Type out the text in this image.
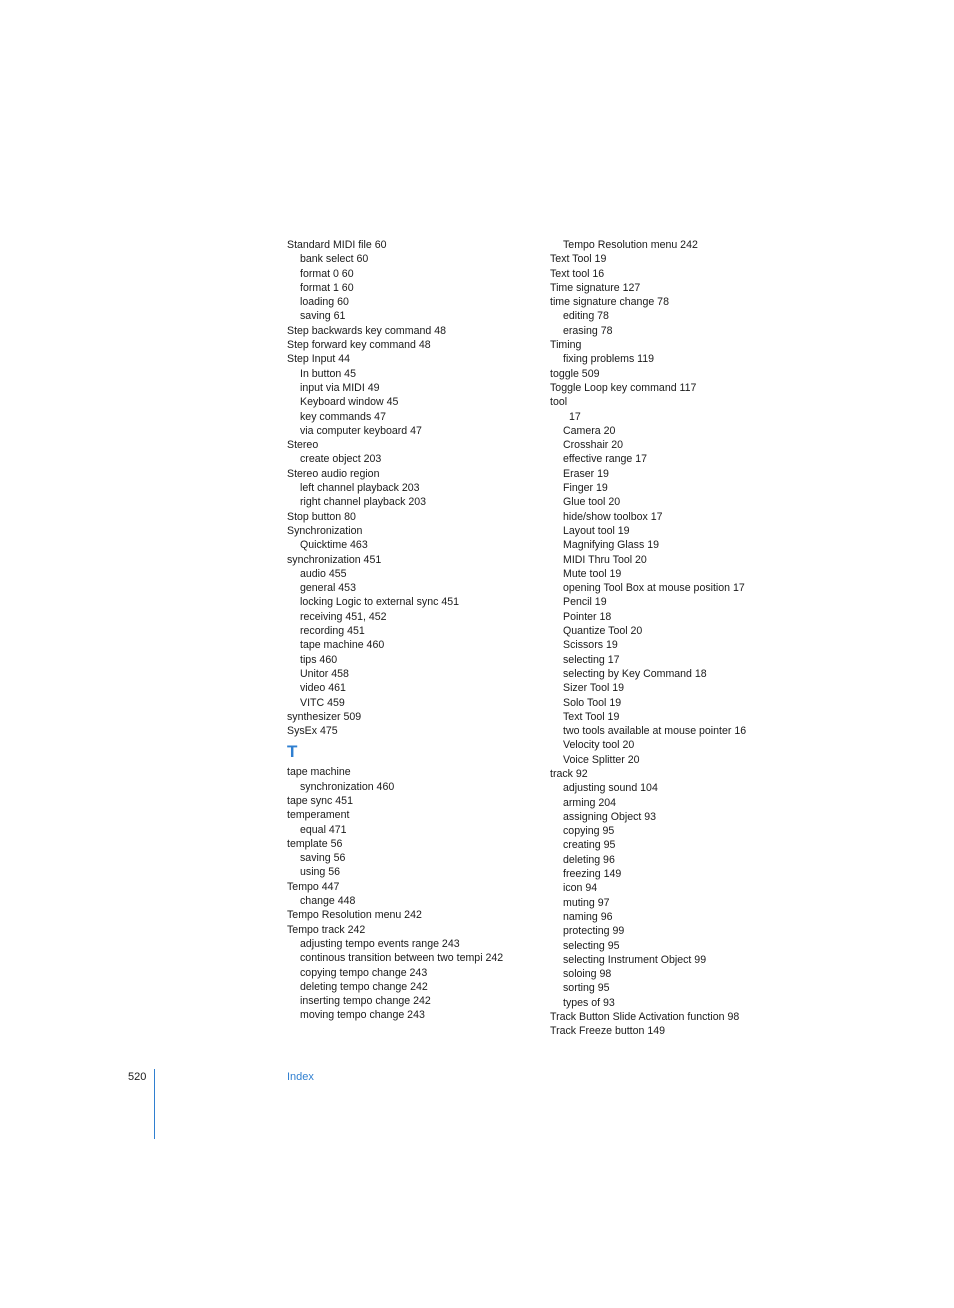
Standard MIDI file 60
bank select 60
format 0 60
format 1 60
loading 60
saving 61
Step backwards key command 48
Step forward key command 48
Step Input 44
In button 45
input via MIDI 49
Keyboard window 45
key commands 47
via computer keyboard 47
Stereo
create object 203
Stereo audio region
left channel playback 203
right channel playback 203
Stop button 80
Synchronization
Quicktime 463
synchronization 451
audio 455
general 453
locking Logic to external sync 451
receiving 451, 452
recording 451
tape machine 460
tips 460
Unitor 458
video 461
VITC 459
synthesizer 509
SysEx 475
T
tape machine
synchronization 460
tape sync 451
temperament
equal 471
template 56
saving 56
using 56
Tempo 447
change 448
Tempo Resolution menu 242
Tempo track 242
adjusting tempo events range 243
continous transition between two tempi 242
copying tempo change 243
deleting tempo change 242
inserting tempo change 242
moving tempo change 243
Tempo Resolution menu 242
Text Tool 19
Text tool 16
Time signature 127
time signature change 78
editing 78
erasing 78
Timing
fixing problems 119
toggle 509
Toggle Loop key command 117
tool
17
Camera 20
Crosshair 20
effective range 17
Eraser 19
Finger 19
Glue tool 20
hide/show toolbox 17
Layout tool 19
Magnifying Glass 19
MIDI Thru Tool 20
Mute tool 19
opening Tool Box at mouse position 17
Pencil 19
Pointer 18
Quantize Tool 20
Scissors 19
selecting 17
selecting by Key Command 18
Sizer Tool 19
Solo Tool 19
Text Tool 19
two tools available at mouse pointer 16
Velocity tool 20
Voice Splitter 20
track 92
adjusting sound 104
arming 204
assigning Object 93
copying 95
creating 95
deleting 96
freezing 149
icon 94
muting 97
naming 96
protecting 99
selecting 95
selecting Instrument Object 99
soloing 98
sorting 95
types of 93
Track Button Slide Activation function 98
Track Freeze button 149
520	Index
